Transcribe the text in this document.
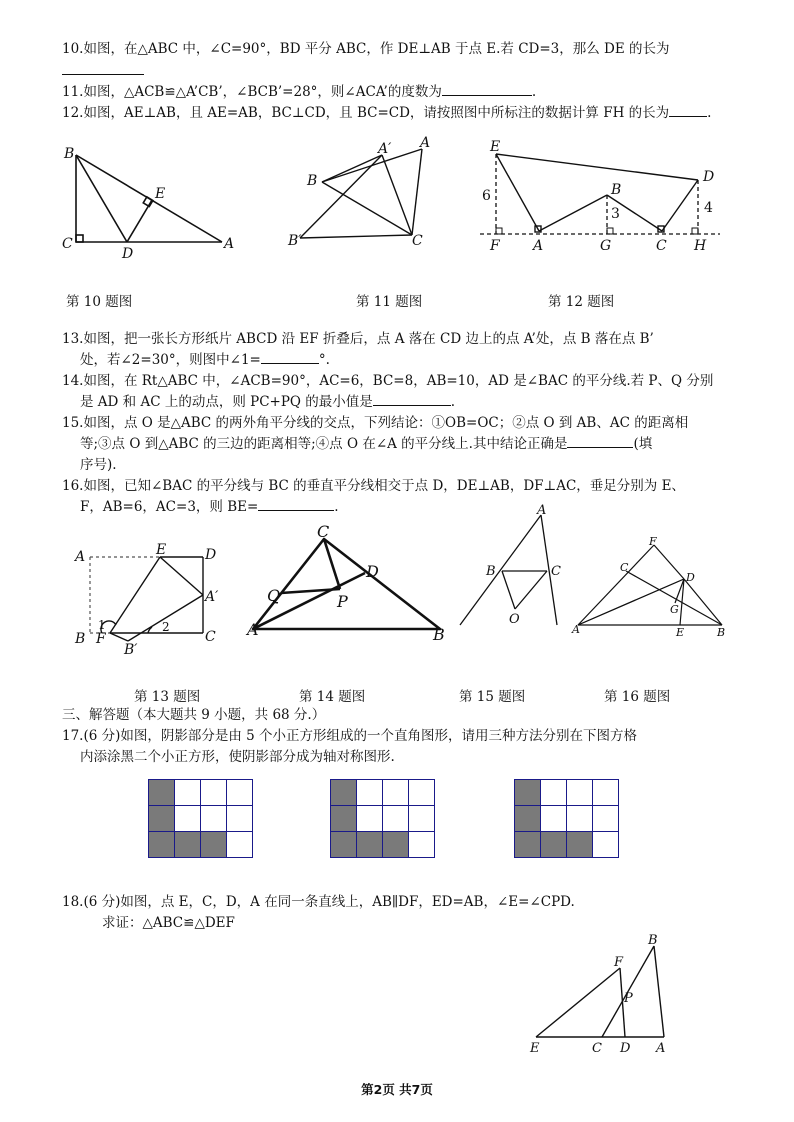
10.如图，在△ABC 中，∠C=90°，BD 平分 ABC，作 DE⊥AB 于点 E.若 CD=3，那么 DE 的长为
11.如图，△ACB≌△A’CB’，∠BCB’=28°，则∠ACA’的度数为	.
12.如图，AE⊥AB，且 AE=AB，BC⊥CD，且 BC=CD，请按照图中所标注的数据计算 FH 的长为	.
B
E
C
D
A
B
A′ A
B′	C
E
D
B
6
3	4
F A	G	C H
第 10 题图	第 11 题图	第 12 题图
13.如图，把一张长方形纸片 ABCD 沿 EF 折叠后，点 A 落在 CD 边上的点 A’处，点 B 落在点 B’
处，若∠2=30°，则图中∠1=	°.
14.如图，在 Rt△ABC 中，∠ACB=90°，AC=6，BC=8，AB=10，AD 是∠BAC 的平分线.若 P、Q 分别
是 AD 和 AC 上的动点，则 PC+PQ 的最小值是	.
15.如图，点 O 是△ABC 的两外角平分线的交点，下列结论：①OB=OC；②点 O 到 AB、AC 的距离相
等;③点 O 到△ABC 的三边的距离相等;④点 O 在∠A 的平分线上.其中结论正确是	(填
序号).
16.如图，已知∠BAC 的平分线与 BC 的垂直平分线相交于点 D，DE⊥AB，DF⊥AC，垂足分别为 E、
F，AB=6，AC=3，则 BE=	.
A	E	D
A′
B F
1	2
C
B′
C
D
Q	P
A	B
A
B	C
O
F
C
D
G
A	E	B
第 13 题图	第 14 题图	第 15 题图	第 16 题图
三、解答题（本大题共 9 小题，共 68 分.）
17.(6 分)如图，阴影部分是由 5 个小正方形组成的一个直角图形，请用三种方法分别在下图方格
内添涂黑二个小正方形，使阴影部分成为轴对称图形.
18.(6 分)如图，点 E，C，D，A 在同一条直线上，AB∥DF，ED=AB，∠E=∠CPD.
求证：△ABC≌△DEF
B
F
P
E	C D A
第2页 共7页
